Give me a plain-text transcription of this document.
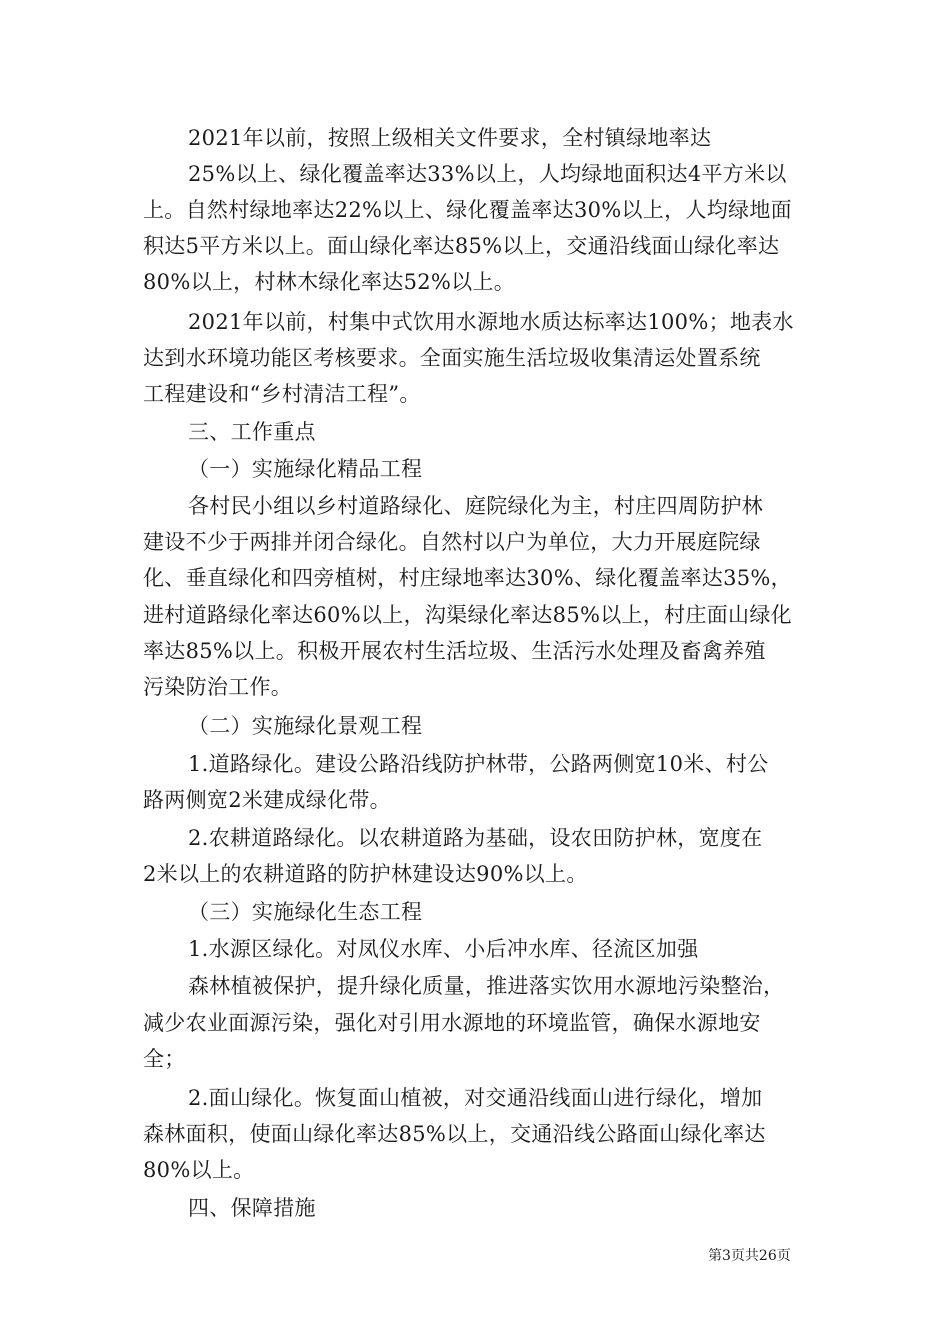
2021年以前，按照上级相关文件要求，全村镇绿地率达
25%以上、绿化覆盖率达33%以上，人均绿地面积达4平方米以
上。自然村绿地率达22%以上、绿化覆盖率达30%以上，人均绿地面
积达5平方米以上。面山绿化率达85%以上，交通沿线面山绿化率达
80%以上，村林木绿化率达52%以上。
2021年以前，村集中式饮用水源地水质达标率达100%；地表水
达到水环境功能区考核要求。全面实施生活垃圾收集清运处置系统
工程建设和“乡村清洁工程”。
三、工作重点
（一）实施绿化精品工程
各村民小组以乡村道路绿化、庭院绿化为主，村庄四周防护林
建设不少于两排并闭合绿化。自然村以户为单位，大力开展庭院绿
化、垂直绿化和四旁植树，村庄绿地率达30%、绿化覆盖率达35%，
进村道路绿化率达60%以上，沟渠绿化率达85%以上，村庄面山绿化
率达85%以上。积极开展农村生活垃圾、生活污水处理及畜禽养殖
污染防治工作。
（二）实施绿化景观工程
1.道路绿化。建设公路沿线防护林带，公路两侧宽10米、村公
路两侧宽2米建成绿化带。
2.农耕道路绿化。以农耕道路为基础，设农田防护林，宽度在
2米以上的农耕道路的防护林建设达90%以上。
（三）实施绿化生态工程
1.水源区绿化。对凤仪水库、小后冲水库、径流区加强
森林植被保护，提升绿化质量，推进落实饮用水源地污染整治，
减少农业面源污染，强化对引用水源地的环境监管，确保水源地安
全；
2.面山绿化。恢复面山植被，对交通沿线面山进行绿化，增加
森林面积，使面山绿化率达85%以上，交通沿线公路面山绿化率达
80%以上。
四、保障措施
第3页共26页
